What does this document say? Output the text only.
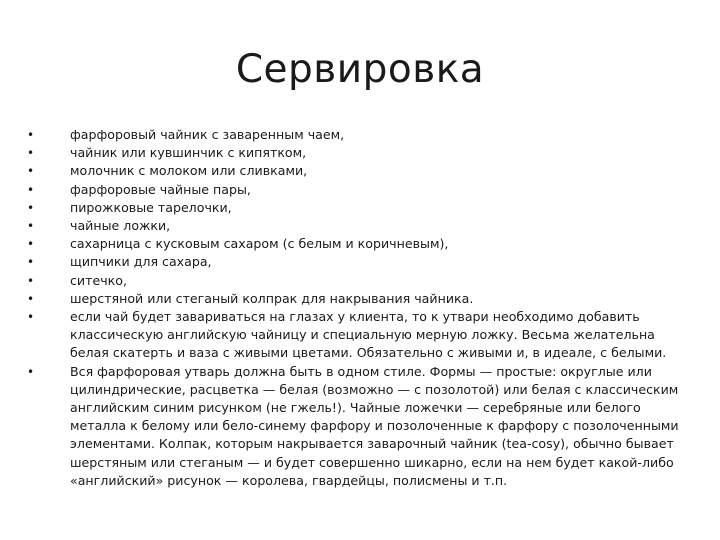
Сервировка
•	фарфоровый чайник с заваренным чаем,
•	чайник или кувшинчик с кипятком,
•	молочник с молоком или сливками,
•	фарфоровые чайные пары,
•	пирожковые тарелочки,
•	чайные ложки,
•	сахарница с кусковым сахаром (с белым и коричневым),
•	щипчики для сахара,
•	ситечко,
•	шерстяной или стеганый колпрак для накрывания чайника.
•	если чай будет завариваться на глазах у клиента, то к утвари необходимо добавить классическую английскую чайницу и специальную мерную ложку. Весьма желательна белая скатерть и ваза с живыми цветами. Обязательно с живыми и, в идеале, с белыми.
•	Вся фарфоровая утварь должна быть в одном стиле. Формы — простые: округлые или цилиндрические, расцветка — белая (возможно — с позолотой) или белая с классическим английским синим рисунком (не гжель!). Чайные ложечки — серебряные или белого металла к белому или бело-синему фарфору и позолоченные к фарфору с позолоченными элементами. Колпак, которым накрывается заварочный чайник (tea-cosy), обычно бывает шерстяным или стеганым — и будет совершенно шикарно, если на нем будет какой-либо «английский» рисунок — королева, гвардейцы, полисмены и т.п.
